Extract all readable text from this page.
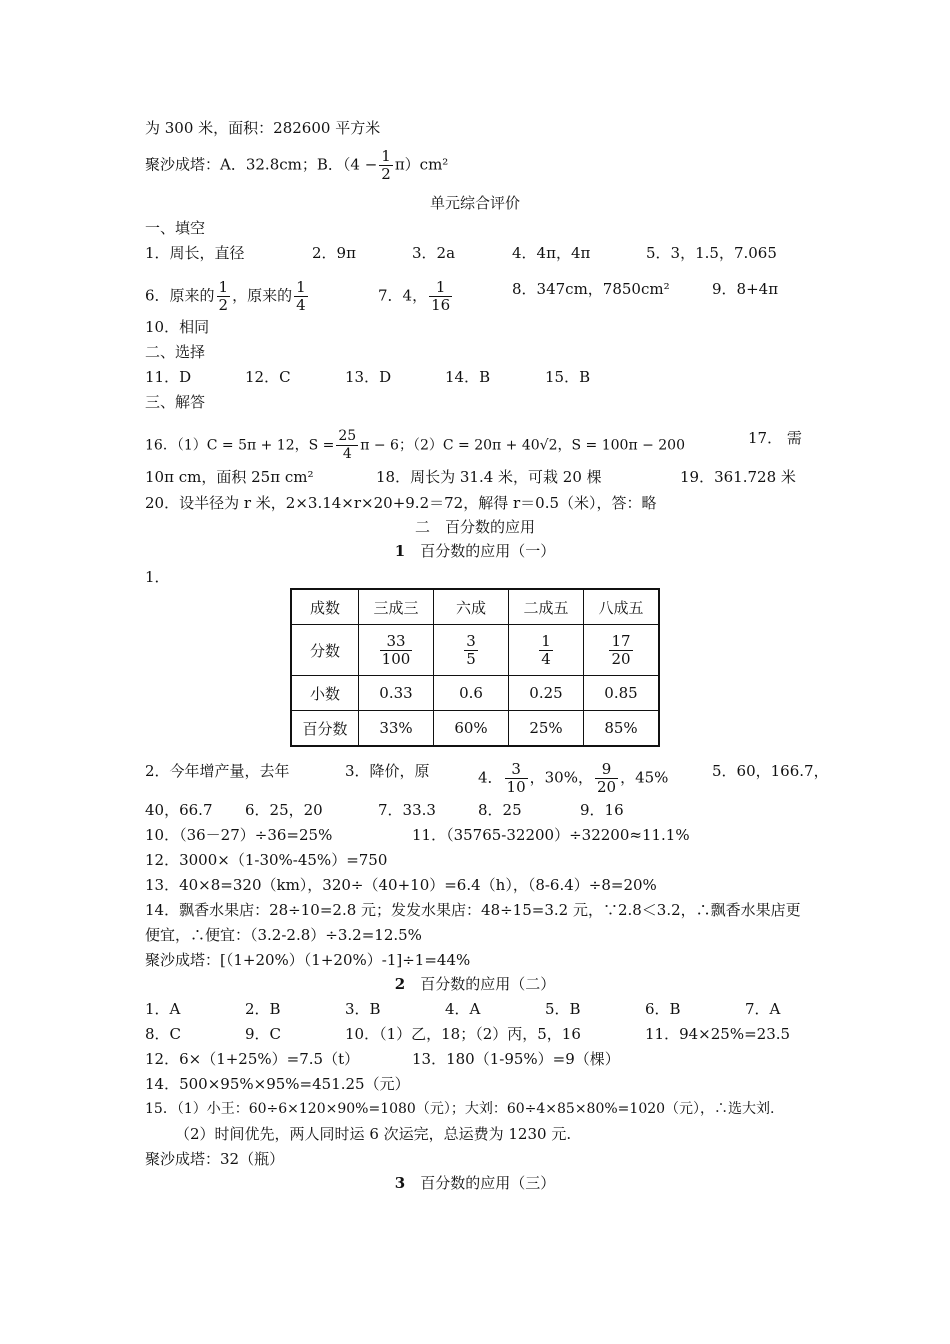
为 300 米，面积：282600 平方米
聚沙成塔：A．32.8cm；B．$(4 - \frac{1}{2} \pi)cm^2$
单元综合评价
一、填空
1．周长，直径	2．9π	3．2a	4．4π，4π	5．3，1.5，7.065
6．原来的 $\frac{1}{2}$ ，原来的 $\frac{1}{4}$	7．4， $\frac{1}{16}$	8．347cm，7850cm²	9．8+4π
10．相同
二、选择
11．D	12．C	13．D	14．B	15．B
三、解答
16．（1）C = 5π + 12，$S = \frac{25}{4}$ π − 6；（2）C = 20π + 40√2，S = 100π − 200	17． 需
10π cm，面积 25π cm²	18．周长为 31.4 米，可栽 20 棵	19．361.728 米
20．设半径为 r 米，2×3.14×r×20+9.2＝72，解得 r＝0.5（米），答：略
二　百分数的应用
1　 百分数的应用（一）
1．
成数	三成三	六成	二成五	八成五
分数	$\frac{33}{100}$	$\frac{3}{5}$	$\frac{1}{4}$	$\frac{17}{20}$

小数	0.33	0.6	0.25	0.85
百分数	33%	60%	25%	85%
2．今年增产量，去年	3．降价，原	4． $\frac{3}{10}$ ，30%， $\frac{9}{20}$ ，45%	5．60，166.7，
40，66.7 6．25，20	7．33.3	8．25	9．16
10．（36－27）÷36=25%	11．（35765-32200）÷32200≈11.1%
12．3000×（1-30%-45%）=750
13．40×8=320（km），320÷（40+10）=6.4（h），（8-6.4）÷8=20%
14．飘香水果店：28÷10=2.8 元；发发水果店：48÷15=3.2 元，∵2.8＜3.2，∴飘香水果店更
便宜，∴便宜：（3.2-2.8）÷3.2=12.5%
聚沙成塔：[（1+20%）（1+20%）-1]÷1=44%
2　 百分数的应用（二）
1．A	2．B	3．B	4．A	5．B	6．B	7．A
8．C	9．C	10．（1）乙，18；（2）丙，5，16	11．94×25%=23.5
12．6×（1+25%）=7.5（t）	13．180（1-95%）=9（棵）
14．500×95%×95%=451.25（元）
15．（1）小王：60÷6×120×90%=1080（元）；大刘：60÷4×85×80%=1020（元），∴选大刘.
（2）时间优先，两人同时运 6 次运完，总运费为 1230 元.
聚沙成塔：32（瓶）
3　 百分数的应用（三）
